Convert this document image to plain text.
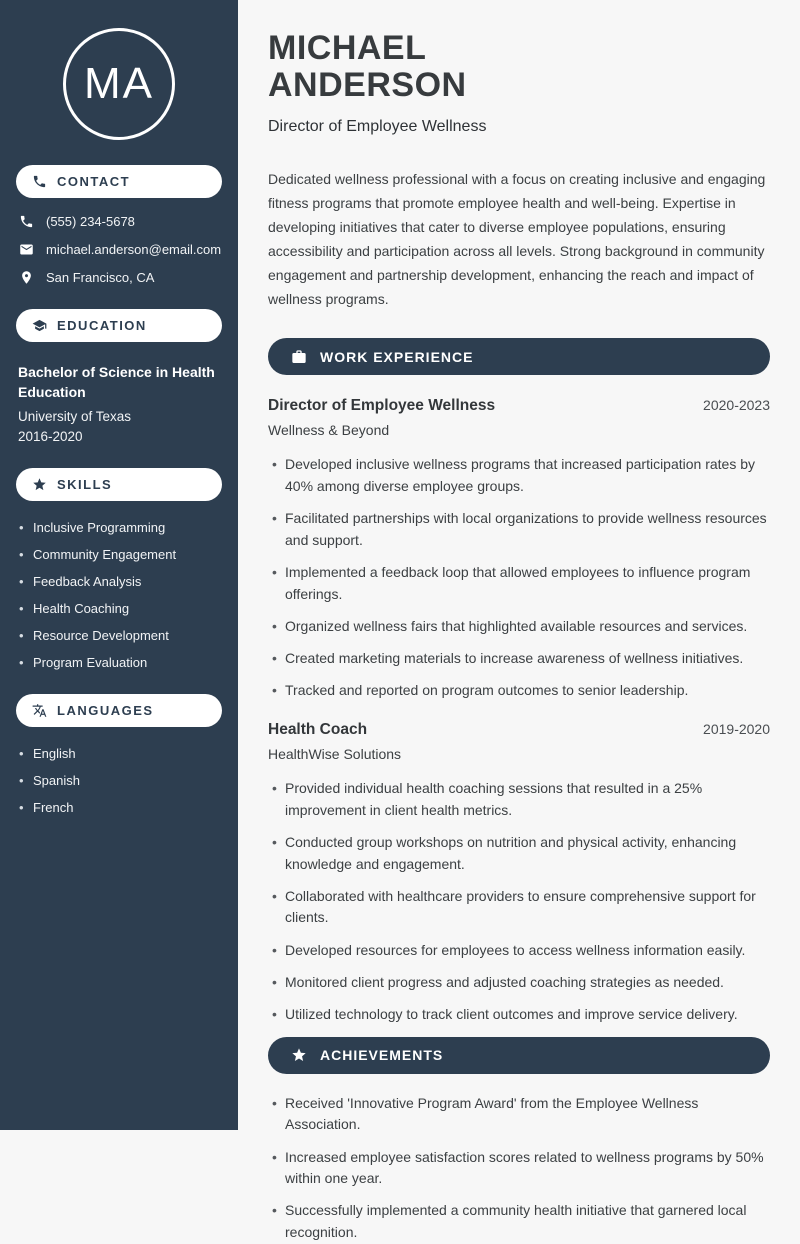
MA
CONTACT
(555) 234-5678
michael.anderson@email.com
San Francisco, CA
EDUCATION
Bachelor of Science in Health Education
University of Texas
2016-2020
SKILLS
• Inclusive Programming
• Community Engagement
• Feedback Analysis
• Health Coaching
• Resource Development
• Program Evaluation
LANGUAGES
• English
• Spanish
• French
MICHAEL
ANDERSON
Director of Employee Wellness

Dedicated wellness professional with a focus on creating inclusive and engaging fitness programs that promote employee health and well-being. Expertise in developing initiatives that cater to diverse employee populations, ensuring accessibility and participation across all levels. Strong background in community engagement and partnership development, enhancing the reach and impact of wellness programs.

WORK EXPERIENCE
Director of Employee Wellness	2020-2023
Wellness & Beyond
• Developed inclusive wellness programs that increased participation rates by 40% among diverse employee groups.
• Facilitated partnerships with local organizations to provide wellness resources and support.
• Implemented a feedback loop that allowed employees to influence program offerings.
• Organized wellness fairs that highlighted available resources and services.
• Created marketing materials to increase awareness of wellness initiatives.
• Tracked and reported on program outcomes to senior leadership.
Health Coach	2019-2020
HealthWise Solutions
• Provided individual health coaching sessions that resulted in a 25% improvement in client health metrics.
• Conducted group workshops on nutrition and physical activity, enhancing knowledge and engagement.
• Collaborated with healthcare providers to ensure comprehensive support for clients.
• Developed resources for employees to access wellness information easily.
• Monitored client progress and adjusted coaching strategies as needed.
• Utilized technology to track client outcomes and improve service delivery.
ACHIEVEMENTS
• Received 'Innovative Program Award' from the Employee Wellness Association.
• Increased employee satisfaction scores related to wellness programs by 50% within one year.
• Successfully implemented a community health initiative that garnered local recognition.
